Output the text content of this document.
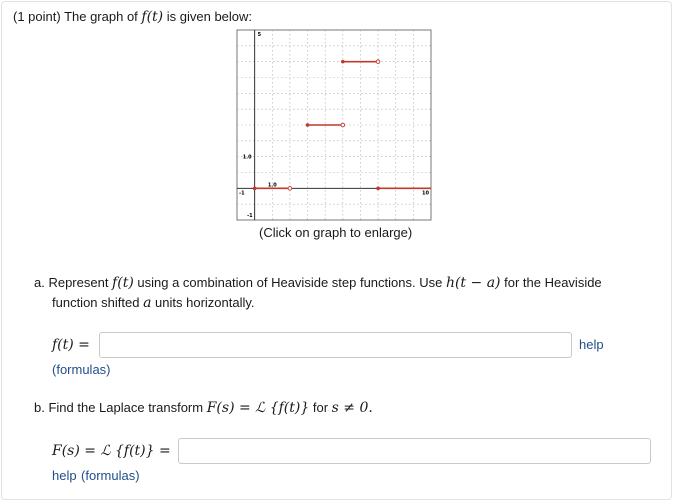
(1 point) The graph of f(t) is given below:
5
1.0
-1
-1
1.0
10
(Click on graph to enlarge)
a. Represent f(t) using a combination of Heaviside step functions. Use h(t − a) for the Heaviside
function shifted a units horizontally.
f(t) =	help
(formulas)
b. Find the Laplace transform F(s) = ℒ {f(t)} for s ≠ 0.
F(s) = ℒ {f(t)} =
help (formulas)
